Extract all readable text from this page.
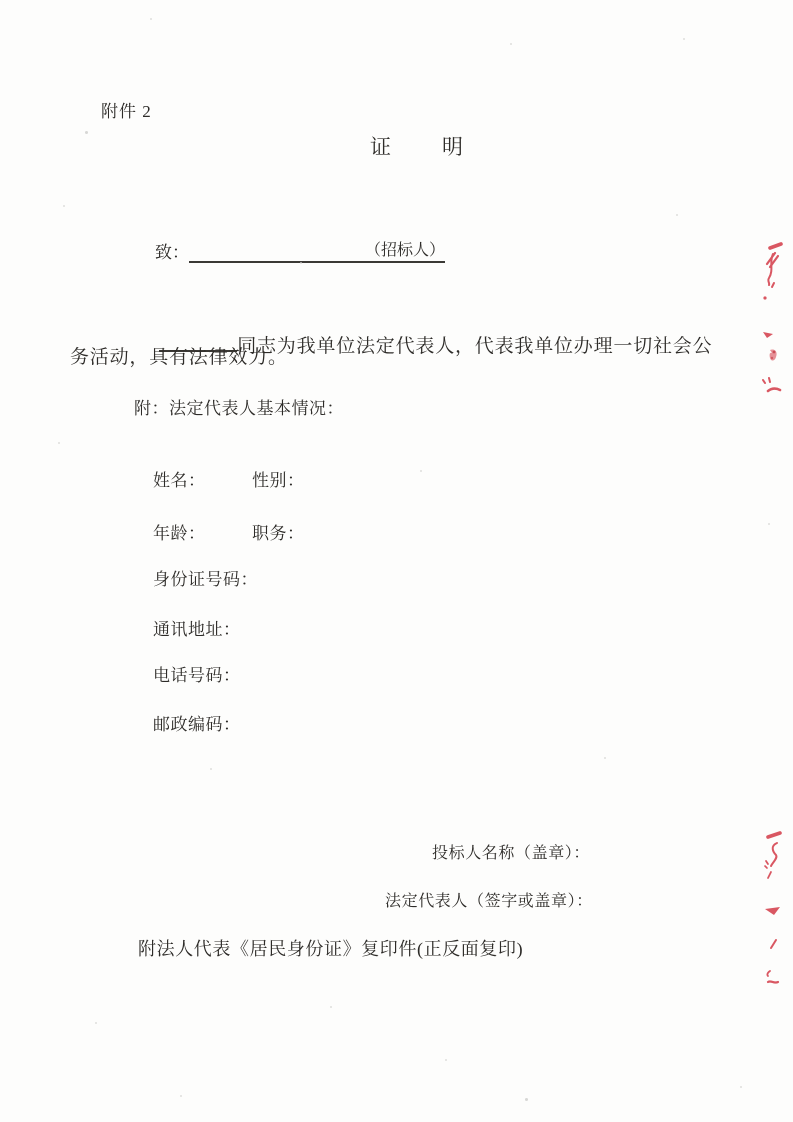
附件 2
证　　明

致：	（招标人）

同志为我单位法定代表人，代表我单位办理一切社会公

务活动，具有法律效力。
附：法定代表人基本情况：

姓名：	性别：

年龄：	职务：

身份证号码：

通讯地址：

电话号码：

邮政编码：

投标人名称（盖章）：
法定代表人（签字或盖章）：
附法人代表《居民身份证》复印件(正反面复印)
